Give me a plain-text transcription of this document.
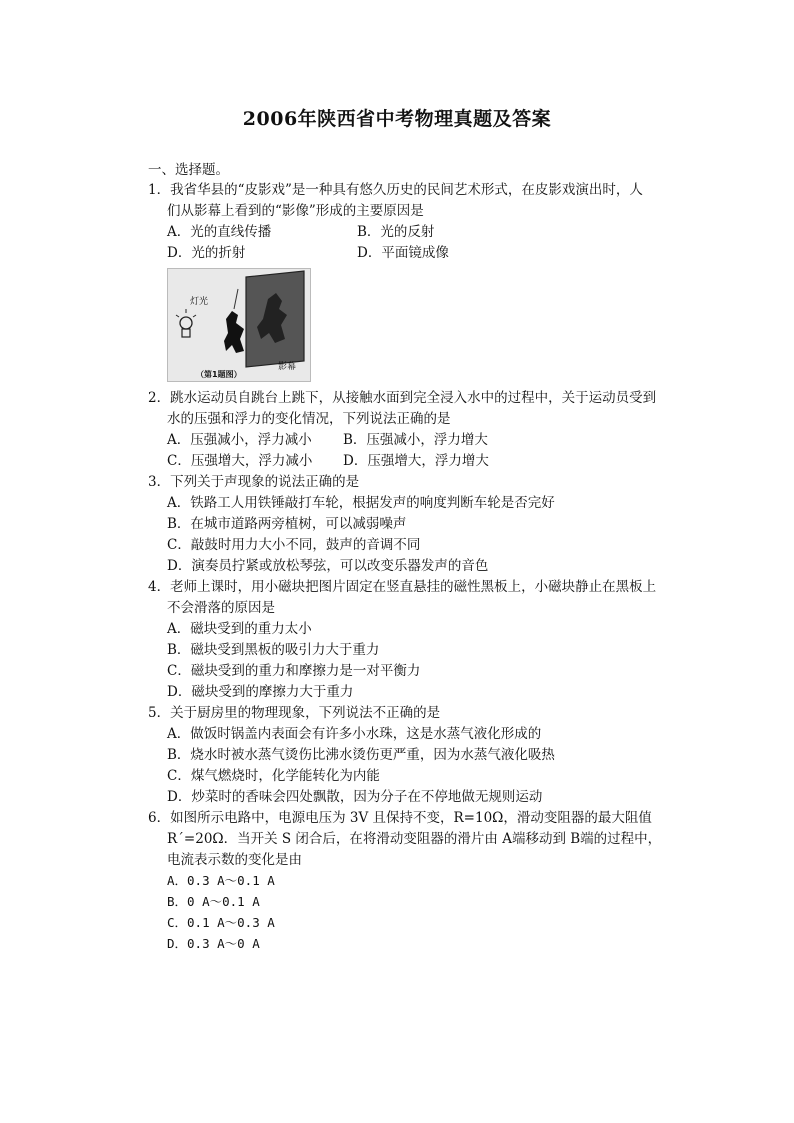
2006年陕西省中考物理真题及答案
一、选择题。
1．我省华县的“皮影戏”是一种具有悠久历史的民间艺术形式，在皮影戏演出时，人
们从影幕上看到的“影像”形成的主要原因是
A．光的直线传播	B．光的反射
D．光的折射	D．平面镜成像
灯光
影幕
（第1题图）
2．跳水运动员自跳台上跳下，从接触水面到完全浸入水中的过程中，关于运动员受到
水的压强和浮力的变化情况，下列说法正确的是
A．压强减小，浮力减小 B．压强减小，浮力增大
C．压强增大，浮力减小 D．压强增大，浮力增大
3．下列关于声现象的说法正确的是
A．铁路工人用铁锤敲打车轮，根据发声的响度判断车轮是否完好
B．在城市道路两旁植树，可以减弱噪声
C．敲鼓时用力大小不同，鼓声的音调不同
D．演奏员拧紧或放松琴弦，可以改变乐器发声的音色
4．老师上课时，用小磁块把图片固定在竖直悬挂的磁性黑板上，小磁块静止在黑板上
不会滑落的原因是
A．磁块受到的重力太小
B．磁块受到黑板的吸引力大于重力
C．磁块受到的重力和摩擦力是一对平衡力
D．磁块受到的摩擦力大于重力
5．关于厨房里的物理现象，下列说法不正确的是
A．做饭时锅盖内表面会有许多小水珠，这是水蒸气液化形成的
B．烧水时被水蒸气烫伤比沸水烫伤更严重，因为水蒸气液化吸热
C．煤气燃烧时，化学能转化为内能
D．炒菜时的香味会四处飘散，因为分子在不停地做无规则运动
6．如图所示电路中，电源电压为 3V 且保持不变，R=10Ω，滑动变阻器的最大阻值
R΄=20Ω．当开关 S 闭合后，在将滑动变阻器的滑片由 A端移动到 B端的过程中，
电流表示数的变化是由
A．0.3 A～0.1 A
B．0 A～0.1 A
C．0.1 A～0.3 A
D．0.3 A～0 A
